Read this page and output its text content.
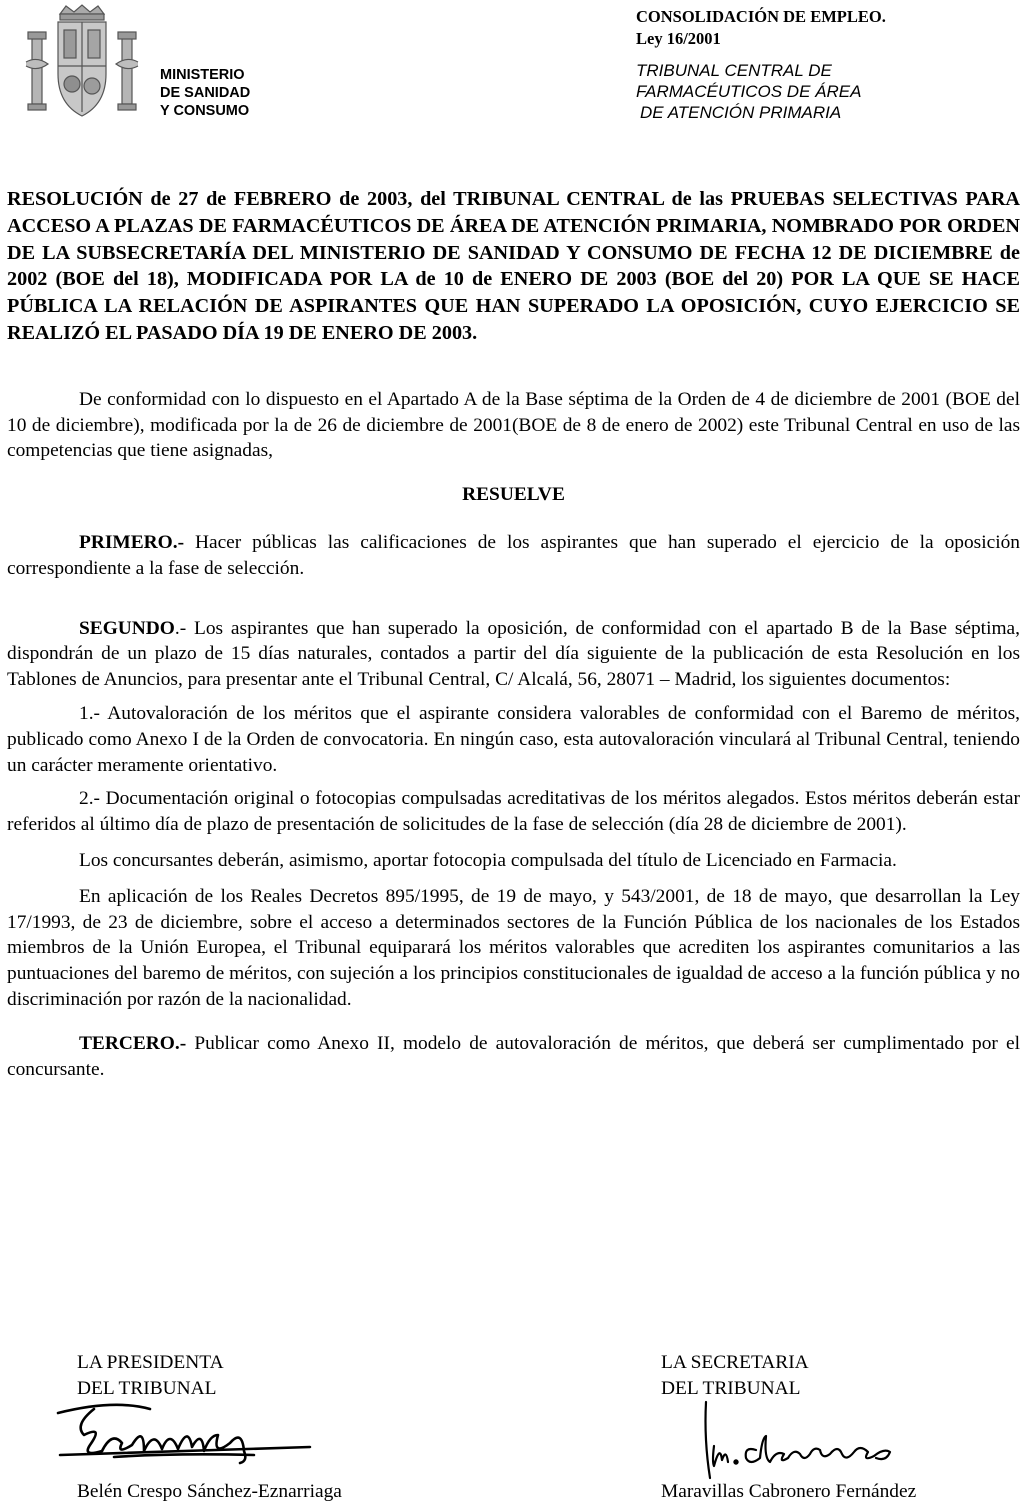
MINISTERIO
DE SANIDAD
Y CONSUMO
CONSOLIDACIÓN DE EMPLEO.
Ley 16/2001
TRIBUNAL CENTRAL DE
FARMACÉUTICOS DE ÁREA
DE ATENCIÓN PRIMARIA

RESOLUCIÓN de 27 de FEBRERO de 2003, del TRIBUNAL CENTRAL de las PRUEBAS SELECTIVAS PARA ACCESO A PLAZAS DE FARMACÉUTICOS DE ÁREA DE ATENCIÓN PRIMARIA, NOMBRADO POR ORDEN DE LA SUBSECRETARÍA DEL MINISTERIO DE SANIDAD Y CONSUMO DE FECHA 12 DE DICIEMBRE de 2002 (BOE del 18), MODIFICADA POR LA de 10 de ENERO DE 2003 (BOE del 20) POR LA QUE SE HACE PÚBLICA LA RELACIÓN DE ASPIRANTES QUE HAN SUPERADO LA OPOSICIÓN, CUYO EJERCICIO SE REALIZÓ EL PASADO DÍA 19 DE ENERO DE 2003.

De conformidad con lo dispuesto en el Apartado A de la Base séptima de la Orden de 4 de diciembre de 2001 (BOE del 10 de diciembre), modificada por la de 26 de diciembre de 2001(BOE de 8 de enero de 2002) este Tribunal Central en uso de las competencias que tiene asignadas,

RESUELVE

PRIMERO.- Hacer públicas las calificaciones de los aspirantes que han superado el ejercicio de la oposición correspondiente a la fase de selección.

SEGUNDO.- Los aspirantes que han superado la oposición, de conformidad con el apartado B de la Base séptima, dispondrán de un plazo de 15 días naturales, contados a partir del día siguiente de la publicación de esta Resolución en los Tablones de Anuncios, para presentar ante el Tribunal Central, C/ Alcalá, 56, 28071 – Madrid, los siguientes documentos:

1.- Autovaloración de los méritos que el aspirante considera valorables de conformidad con el Baremo de méritos, publicado como Anexo I de la Orden de convocatoria. En ningún caso, esta autovaloración vinculará al Tribunal Central, teniendo un carácter meramente orientativo.

2.- Documentación original o fotocopias compulsadas acreditativas de los méritos alegados. Estos méritos deberán estar referidos al último día de plazo de presentación de solicitudes de la fase de selección (día 28 de diciembre de 2001).

Los concursantes deberán, asimismo, aportar fotocopia compulsada del título de Licenciado en Farmacia.

En aplicación de los Reales Decretos 895/1995, de 19 de mayo, y 543/2001, de 18 de mayo, que desarrollan la Ley 17/1993, de 23 de diciembre, sobre el acceso a determinados sectores de la Función Pública de los nacionales de los Estados miembros de la Unión Europea, el Tribunal equiparará los méritos valorables que acrediten los aspirantes comunitarios a las puntuaciones del baremo de méritos, con sujeción a los principios constitucionales de igualdad de acceso a la función pública y no discriminación por razón de la nacionalidad.

TERCERO.- Publicar como Anexo II, modelo de autovaloración de méritos, que deberá ser cumplimentado por el concursante.

LA PRESIDENTA
DEL TRIBUNAL
Belén Crespo Sánchez-Eznarriaga
LA SECRETARIA
DEL TRIBUNAL
Maravillas Cabronero Fernández
